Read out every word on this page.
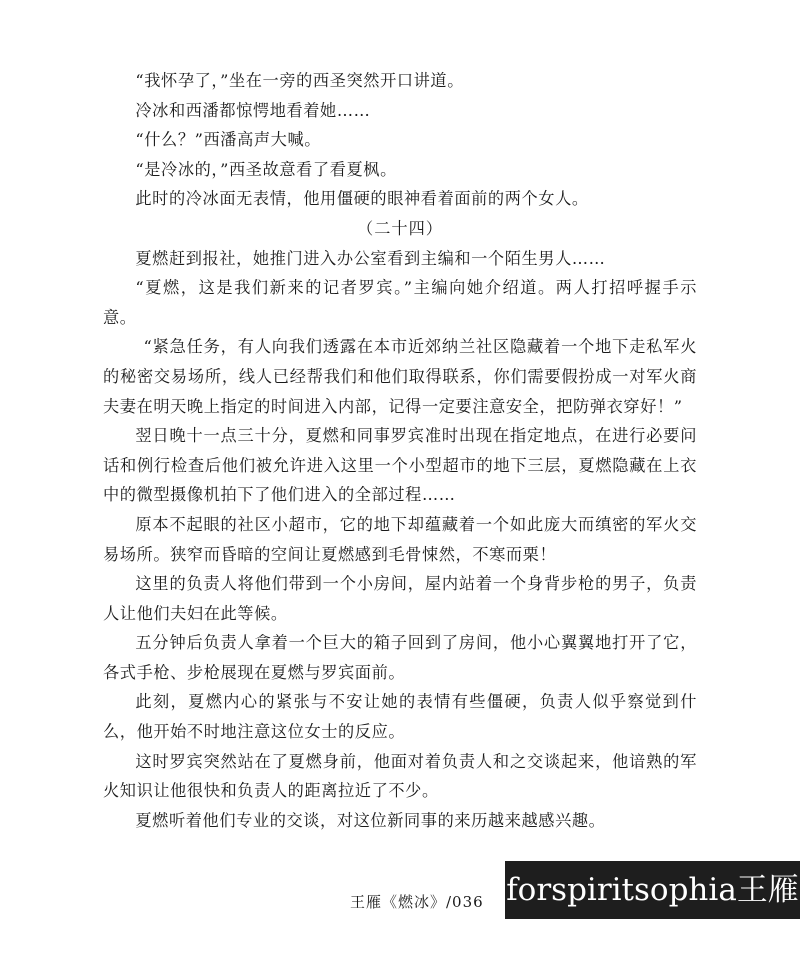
“我怀孕了，”坐在一旁的西圣突然开口讲道。

冷冰和西潘都惊愕地看着她……

“什么？”西潘高声大喊。

“是冷冰的，”西圣故意看了看夏枫。

此时的冷冰面无表情，他用僵硬的眼神看着面前的两个女人。

（二十四）

夏燃赶到报社，她推门进入办公室看到主编和一个陌生男人……

“夏燃，这是我们新来的记者罗宾。”主编向她介绍道。两人打招呼握手示意。

“紧急任务，有人向我们透露在本市近郊纳兰社区隐藏着一个地下走私军火的秘密交易场所，线人已经帮我们和他们取得联系，你们需要假扮成一对军火商夫妻在明天晚上指定的时间进入内部，记得一定要注意安全，把防弹衣穿好！”

翌日晚十一点三十分，夏燃和同事罗宾准时出现在指定地点，在进行必要问话和例行检查后他们被允许进入这里一个小型超市的地下三层，夏燃隐藏在上衣中的微型摄像机拍下了他们进入的全部过程……

原本不起眼的社区小超市，它的地下却蕴藏着一个如此庞大而缜密的军火交易场所。狭窄而昏暗的空间让夏燃感到毛骨悚然，不寒而栗！

这里的负责人将他们带到一个小房间，屋内站着一个身背步枪的男子，负责人让他们夫妇在此等候。

五分钟后负责人拿着一个巨大的箱子回到了房间，他小心翼翼地打开了它，各式手枪、步枪展现在夏燃与罗宾面前。

此刻，夏燃内心的紧张与不安让她的表情有些僵硬，负责人似乎察觉到什么，他开始不时地注意这位女士的反应。

这时罗宾突然站在了夏燃身前，他面对着负责人和之交谈起来，他谙熟的军火知识让他很快和负责人的距离拉近了不少。

夏燃听着他们专业的交谈，对这位新同事的来历越来越感兴趣。

王雁《燃冰》/036 forspiritsophia王雁
